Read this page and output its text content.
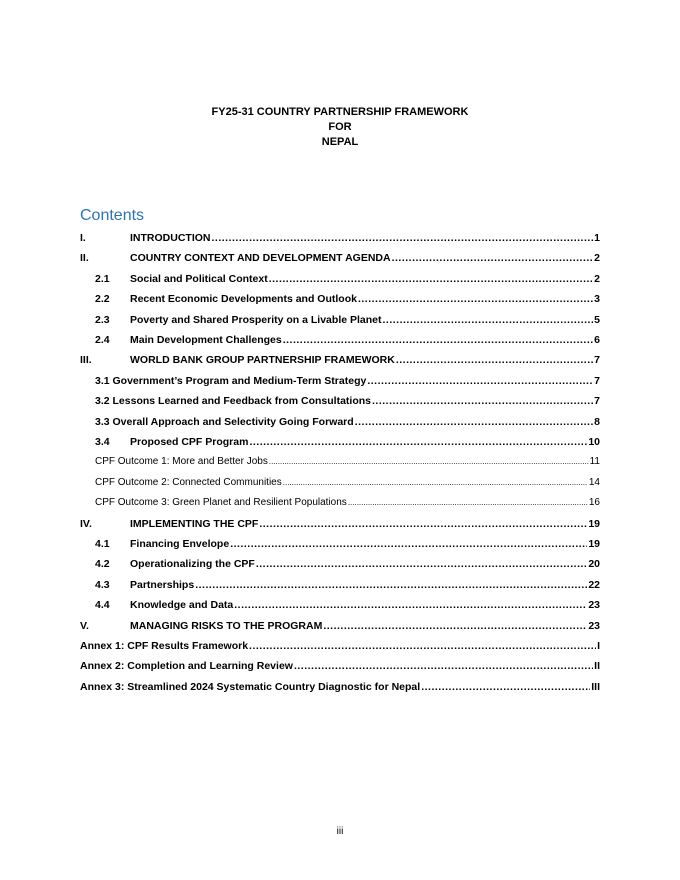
FY25-31 COUNTRY PARTNERSHIP FRAMEWORK
FOR
NEPAL
Contents
I.	INTRODUCTION .....	1
II.	COUNTRY CONTEXT AND DEVELOPMENT AGENDA .....	2
2.1	Social and Political Context .....	2
2.2	Recent Economic Developments and Outlook .....	3
2.3	Poverty and Shared Prosperity on a Livable Planet .....	5
2.4	Main Development Challenges .....	6
III.	WORLD BANK GROUP PARTNERSHIP FRAMEWORK .....	7
3.1 Government’s Program and Medium-Term Strategy .....	7
3.2 Lessons Learned and Feedback from Consultations .....	7
3.3 Overall Approach and Selectivity Going Forward .....	8
3.4	Proposed CPF Program .....	10
CPF Outcome 1: More and Better Jobs .....	11
CPF Outcome 2: Connected Communities .....	14
CPF Outcome 3: Green Planet and Resilient Populations .....	16
IV.	IMPLEMENTING THE CPF .....	19
4.1	Financing Envelope .....	19
4.2	Operationalizing the CPF .....	20
4.3	Partnerships .....	22
4.4	Knowledge and Data .....	23
V.	MANAGING RISKS TO THE PROGRAM .....	23
Annex 1: CPF Results Framework .....	I
Annex 2: Completion and Learning Review .....	II
Annex 3: Streamlined 2024 Systematic Country Diagnostic for Nepal .....	III
iii
